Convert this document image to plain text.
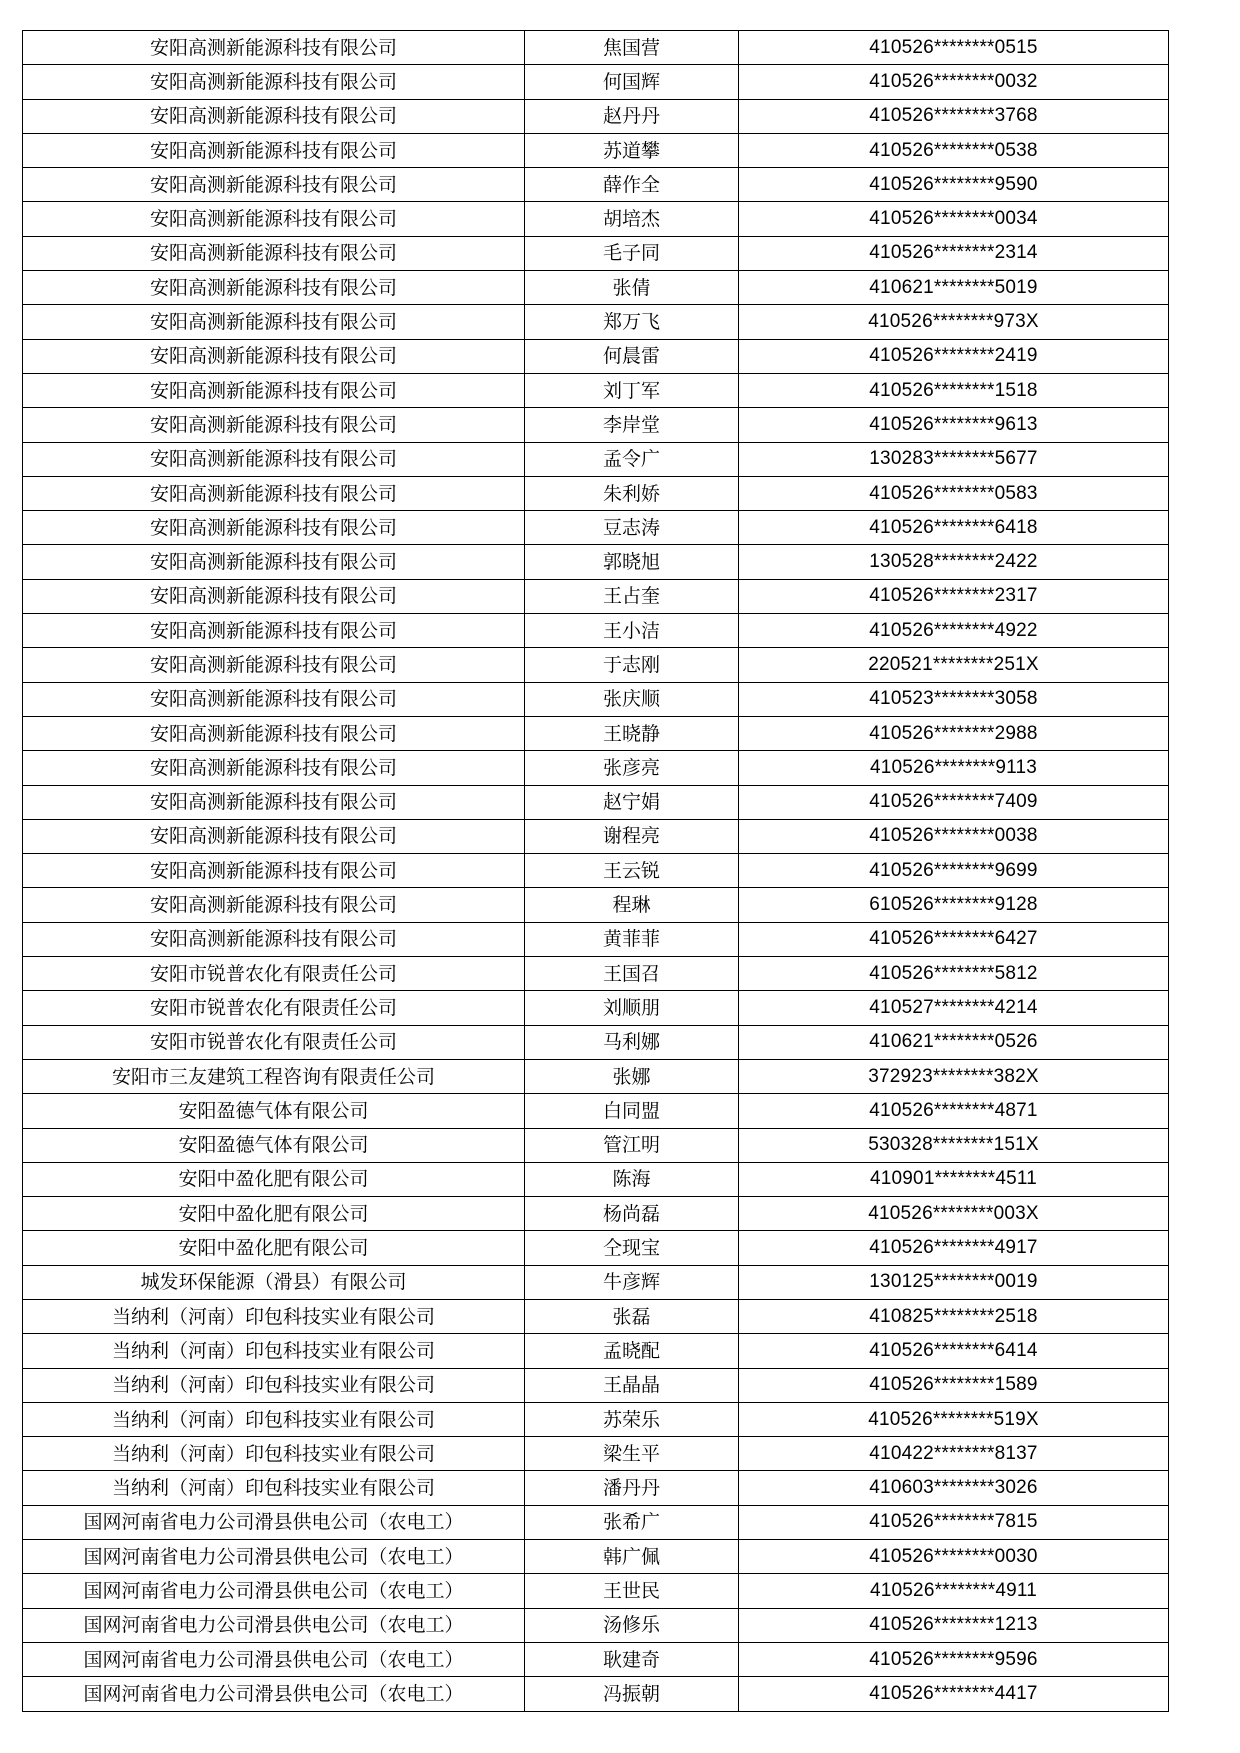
安阳高测新能源科技有限公司	焦国营	410526********0515
安阳高测新能源科技有限公司	何国辉	410526********0032
安阳高测新能源科技有限公司	赵丹丹	410526********3768
安阳高测新能源科技有限公司	苏道攀	410526********0538
安阳高测新能源科技有限公司	薛作全	410526********9590
安阳高测新能源科技有限公司	胡培杰	410526********0034
安阳高测新能源科技有限公司	毛子同	410526********2314
安阳高测新能源科技有限公司	张倩	410621********5019
安阳高测新能源科技有限公司	郑万飞	410526********973X
安阳高测新能源科技有限公司	何晨雷	410526********2419
安阳高测新能源科技有限公司	刘丁军	410526********1518
安阳高测新能源科技有限公司	李岸堂	410526********9613
安阳高测新能源科技有限公司	孟令广	130283********5677
安阳高测新能源科技有限公司	朱利娇	410526********0583
安阳高测新能源科技有限公司	豆志涛	410526********6418
安阳高测新能源科技有限公司	郭晓旭	130528********2422
安阳高测新能源科技有限公司	王占奎	410526********2317
安阳高测新能源科技有限公司	王小洁	410526********4922
安阳高测新能源科技有限公司	于志刚	220521********251X
安阳高测新能源科技有限公司	张庆顺	410523********3058
安阳高测新能源科技有限公司	王晓静	410526********2988
安阳高测新能源科技有限公司	张彦亮	410526********9113
安阳高测新能源科技有限公司	赵宁娟	410526********7409
安阳高测新能源科技有限公司	谢程亮	410526********0038
安阳高测新能源科技有限公司	王云锐	410526********9699
安阳高测新能源科技有限公司	程琳	610526********9128
安阳高测新能源科技有限公司	黄菲菲	410526********6427
安阳市锐普农化有限责任公司	王国召	410526********5812
安阳市锐普农化有限责任公司	刘顺朋	410527********4214
安阳市锐普农化有限责任公司	马利娜	410621********0526
安阳市三友建筑工程咨询有限责任公司	张娜	372923********382X
安阳盈德气体有限公司	白同盟	410526********4871
安阳盈德气体有限公司	管江明	530328********151X
安阳中盈化肥有限公司	陈海	410901********4511
安阳中盈化肥有限公司	杨尚磊	410526********003X
安阳中盈化肥有限公司	仝现宝	410526********4917
城发环保能源（滑县）有限公司	牛彦辉	130125********0019
当纳利（河南）印包科技实业有限公司	张磊	410825********2518
当纳利（河南）印包科技实业有限公司	孟晓配	410526********6414
当纳利（河南）印包科技实业有限公司	王晶晶	410526********1589
当纳利（河南）印包科技实业有限公司	苏荣乐	410526********519X
当纳利（河南）印包科技实业有限公司	梁生平	410422********8137
当纳利（河南）印包科技实业有限公司	潘丹丹	410603********3026
国网河南省电力公司滑县供电公司（农电工）	张希广	410526********7815
国网河南省电力公司滑县供电公司（农电工）	韩广佩	410526********0030
国网河南省电力公司滑县供电公司（农电工）	王世民	410526********4911
国网河南省电力公司滑县供电公司（农电工）	汤修乐	410526********1213
国网河南省电力公司滑县供电公司（农电工）	耿建奇	410526********9596
国网河南省电力公司滑县供电公司（农电工）	冯振朝	410526********4417
